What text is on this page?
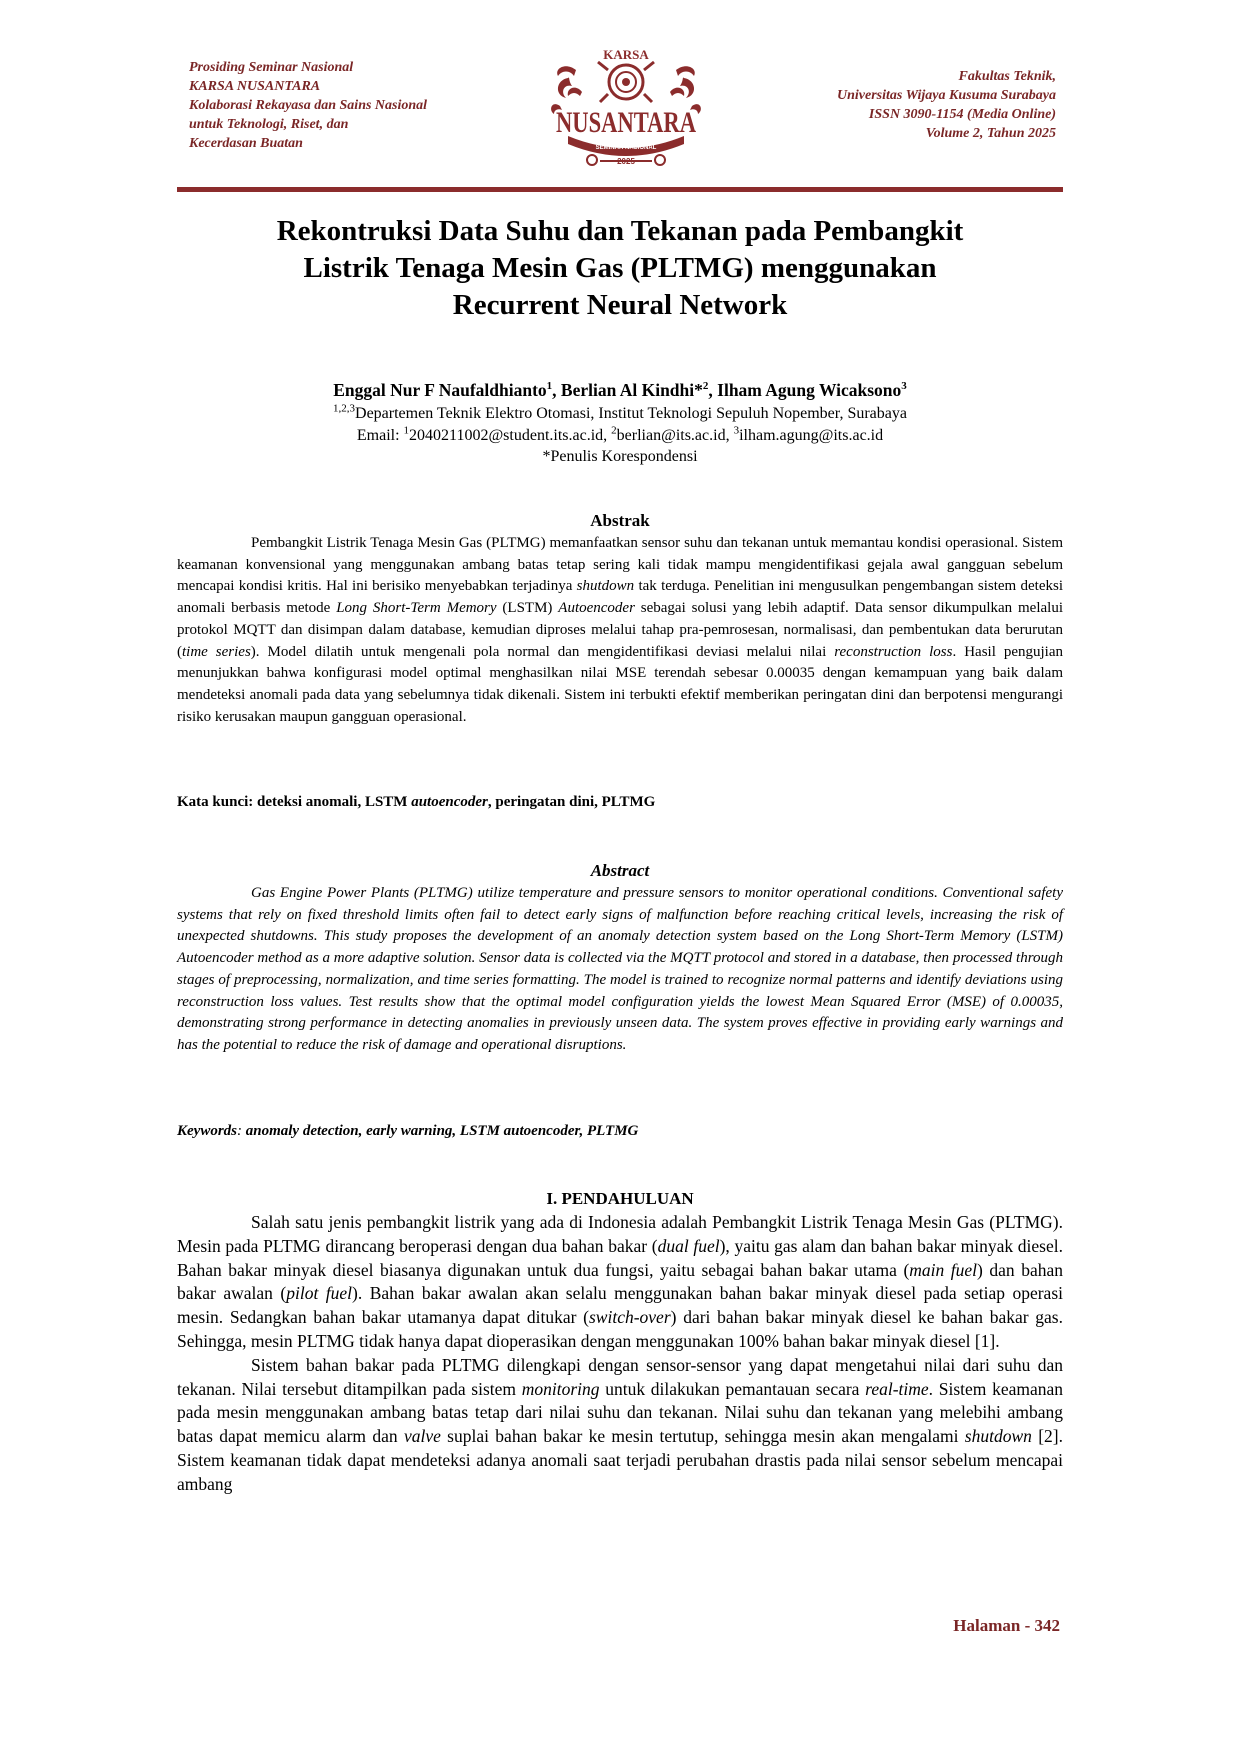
Prosiding Seminar Nasional
KARSA NUSANTARA
Kolaborasi Rekayasa dan Sains Nasional
untuk Teknologi, Riset, dan
Kecerdasan Buatan
KARSA
NUSANTARA
SEMINAR NASIONAL
2025
Fakultas Teknik,
Universitas Wijaya Kusuma Surabaya
ISSN 3090-1154 (Media Online)
Volume 2, Tahun 2025
Rekontruksi Data Suhu dan Tekanan pada Pembangkit
Listrik Tenaga Mesin Gas (PLTMG) menggunakan
Recurrent Neural Network
Enggal Nur F Naufaldhianto$^1$, Berlian Al Kindhi*$^2$, Ilham Agung Wicaksono$^3$
$^{1,2,3}$Departemen Teknik Elektro Otomasi, Institut Teknologi Sepuluh Nopember, Surabaya
Email: $^1$2040211002@student.its.ac.id, $^2$berlian@its.ac.id, $^3$ilham.agung@its.ac.id
*Penulis Korespondensi
Abstrak

Pembangkit Listrik Tenaga Mesin Gas (PLTMG) memanfaatkan sensor suhu dan tekanan untuk memantau kondisi operasional. Sistem keamanan konvensional yang menggunakan ambang batas tetap sering kali tidak mampu mengidentifikasi gejala awal gangguan sebelum mencapai kondisi kritis. Hal ini berisiko menyebabkan terjadinya shutdown tak terduga. Penelitian ini mengusulkan pengembangan sistem deteksi anomali berbasis metode Long Short-Term Memory (LSTM) Autoencoder sebagai solusi yang lebih adaptif. Data sensor dikumpulkan melalui protokol MQTT dan disimpan dalam database, kemudian diproses melalui tahap pra-pemrosesan, normalisasi, dan pembentukan data berurutan (time series). Model dilatih untuk mengenali pola normal dan mengidentifikasi deviasi melalui nilai reconstruction loss. Hasil pengujian menunjukkan bahwa konfigurasi model optimal menghasilkan nilai MSE terendah sebesar 0.00035 dengan kemampuan yang baik dalam mendeteksi anomali pada data yang sebelumnya tidak dikenali. Sistem ini terbukti efektif memberikan peringatan dini dan berpotensi mengurangi risiko kerusakan maupun gangguan operasional.

Kata kunci: deteksi anomali, LSTM autoencoder, peringatan dini, PLTMG
Abstract

Gas Engine Power Plants (PLTMG) utilize temperature and pressure sensors to monitor operational conditions. Conventional safety systems that rely on fixed threshold limits often fail to detect early signs of malfunction before reaching critical levels, increasing the risk of unexpected shutdowns. This study proposes the development of an anomaly detection system based on the Long Short-Term Memory (LSTM) Autoencoder method as a more adaptive solution. Sensor data is collected via the MQTT protocol and stored in a database, then processed through stages of preprocessing, normalization, and time series formatting. The model is trained to recognize normal patterns and identify deviations using reconstruction loss values. Test results show that the optimal model configuration yields the lowest Mean Squared Error (MSE) of 0.00035, demonstrating strong performance in detecting anomalies in previously unseen data. The system proves effective in providing early warnings and has the potential to reduce the risk of damage and operational disruptions.

Keywords: anomaly detection, early warning, LSTM autoencoder, PLTMG
I. PENDAHULUAN

Salah satu jenis pembangkit listrik yang ada di Indonesia adalah Pembangkit Listrik Tenaga Mesin Gas (PLTMG). Mesin pada PLTMG dirancang beroperasi dengan dua bahan bakar (dual fuel), yaitu gas alam dan bahan bakar minyak diesel. Bahan bakar minyak diesel biasanya digunakan untuk dua fungsi, yaitu sebagai bahan bakar utama (main fuel) dan bahan bakar awalan (pilot fuel). Bahan bakar awalan akan selalu menggunakan bahan bakar minyak diesel pada setiap operasi mesin. Sedangkan bahan bakar utamanya dapat ditukar (switch-over) dari bahan bakar minyak diesel ke bahan bakar gas. Sehingga, mesin PLTMG tidak hanya dapat dioperasikan dengan menggunakan 100% bahan bakar minyak diesel [1].

Sistem bahan bakar pada PLTMG dilengkapi dengan sensor-sensor yang dapat mengetahui nilai dari suhu dan tekanan. Nilai tersebut ditampilkan pada sistem monitoring untuk dilakukan pemantauan secara real-time. Sistem keamanan pada mesin menggunakan ambang batas tetap dari nilai suhu dan tekanan. Nilai suhu dan tekanan yang melebihi ambang batas dapat memicu alarm dan valve suplai bahan bakar ke mesin tertutup, sehingga mesin akan mengalami shutdown [2]. Sistem keamanan tidak dapat mendeteksi adanya anomali saat terjadi perubahan drastis pada nilai sensor sebelum mencapai ambang

Halaman - 342
